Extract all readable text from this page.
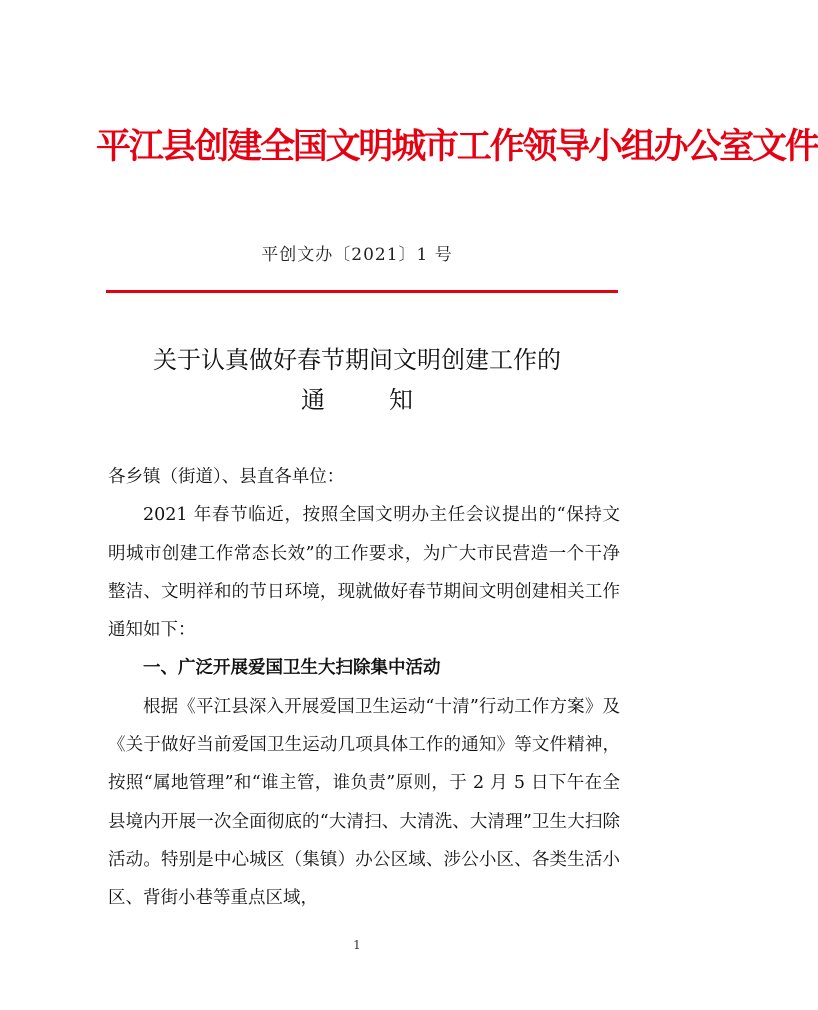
平江县创建全国文明城市工作领导小组办公室文件
平创文办〔2021〕1 号
关于认真做好春节期间文明创建工作的
通	知

各乡镇（街道）、县直各单位：

2021 年春节临近，按照全国文明办主任会议提出的“保持文明城市创建工作常态长效”的工作要求，为广大市民营造一个干净整洁、文明祥和的节日环境，现就做好春节期间文明创建相关工作通知如下：

一、广泛开展爱国卫生大扫除集中活动

根据《平江县深入开展爱国卫生运动“十清”行动工作方案》及《关于做好当前爱国卫生运动几项具体工作的通知》等文件精神，按照“属地管理”和“谁主管，谁负责”原则，于 2 月 5 日下午在全县境内开展一次全面彻底的“大清扫、大清洗、大清理”卫生大扫除活动。特别是中心城区（集镇）办公区域、涉公小区、各类生活小区、背街小巷等重点区域，

1
